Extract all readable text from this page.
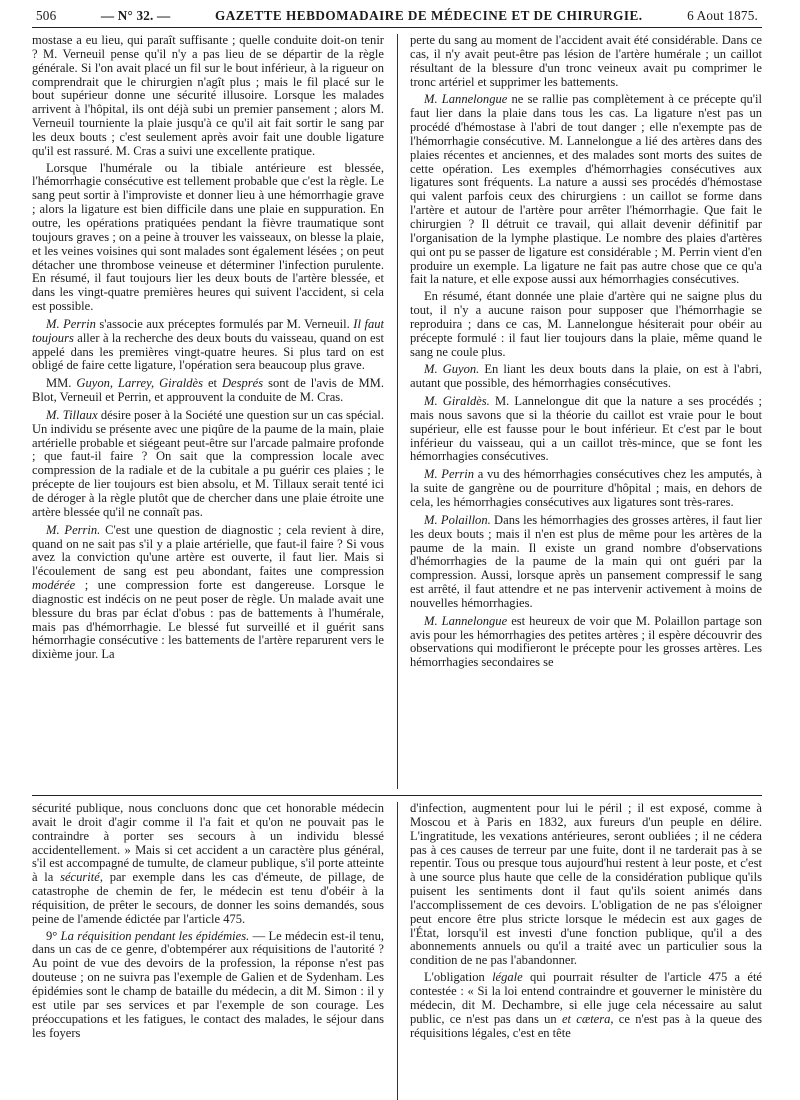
506	— N° 32. —	GAZETTE HEBDOMADAIRE DE MÉDECINE ET DE CHIRURGIE.	6 Aout 1875.

mostase a eu lieu, qui paraît suffisante ; quelle conduite doit-on tenir ? M. Verneuil pense qu'il n'y a pas lieu de se départir de la règle générale. Si l'on avait placé un fil sur le bout inférieur, à la rigueur on comprendrait que le chirurgien n'agît plus ; mais le fil placé sur le bout supérieur donne une sécurité illusoire. Lorsque les malades arrivent à l'hôpital, ils ont déjà subi un premier pansement ; alors M. Verneuil tourniente la plaie jusqu'à ce qu'il ait fait sortir le sang par les deux bouts ; c'est seulement après avoir fait une double ligature qu'il est rassuré. M. Cras a suivi une excellente pratique.

Lorsque l'humérale ou la tibiale antérieure est blessée, l'hémorrhagie consécutive est tellement probable que c'est la règle. Le sang peut sortir à l'improviste et donner lieu à une hémorrhagie grave ; alors la ligature est bien difficile dans une plaie en suppuration. En outre, les opérations pratiquées pendant la fièvre traumatique sont toujours graves ; on a peine à trouver les vaisseaux, on blesse la plaie, et les veines voisines qui sont malades sont également lésées ; on peut détacher une thrombose veineuse et déterminer l'infection purulente. En résumé, il faut toujours lier les deux bouts de l'artère blessée, et dans les vingt-quatre premières heures qui suivent l'accident, si cela est possible.

M. Perrin s'associe aux préceptes formulés par M. Verneuil. Il faut toujours aller à la recherche des deux bouts du vaisseau, quand on est appelé dans les premières vingt-quatre heures. Si plus tard on est obligé de faire cette ligature, l'opération sera beaucoup plus grave.

MM. Guyon, Larrey, Giraldès et Després sont de l'avis de MM. Blot, Verneuil et Perrin, et approuvent la conduite de M. Cras.

M. Tillaux désire poser à la Société une question sur un cas spécial. Un individu se présente avec une piqûre de la paume de la main, plaie artérielle probable et siégeant peut-être sur l'arcade palmaire profonde ; que faut-il faire ? On sait que la compression locale avec compression de la radiale et de la cubitale a pu guérir ces plaies ; le précepte de lier toujours est bien absolu, et M. Tillaux serait tenté ici de déroger à la règle plutôt que de chercher dans une plaie étroite une artère blessée qu'il ne connaît pas.

M. Perrin. C'est une question de diagnostic ; cela revient à dire, quand on ne sait pas s'il y a plaie artérielle, que faut-il faire ? Si vous avez la conviction qu'une artère est ouverte, il faut lier. Mais si l'écoulement de sang est peu abondant, faites une compression modérée ; une compression forte est dangereuse. Lorsque le diagnostic est indécis on ne peut poser de règle. Un malade avait une blessure du bras par éclat d'obus : pas de battements à l'humérale, mais pas d'hémorrhagie. Le blessé fut surveillé et il guérit sans hémorrhagie consécutive : les battements de l'artère reparurent vers le dixième jour. La

perte du sang au moment de l'accident avait été considérable. Dans ce cas, il n'y avait peut-être pas lésion de l'artère humérale ; un caillot résultant de la blessure d'un tronc veineux avait pu comprimer le tronc artériel et supprimer les battements.

M. Lannelongue ne se rallie pas complètement à ce précepte qu'il faut lier dans la plaie dans tous les cas. La ligature n'est pas un procédé d'hémostase à l'abri de tout danger ; elle n'exempte pas de l'hémorrhagie consécutive. M. Lannelongue a lié des artères dans des plaies récentes et anciennes, et des malades sont morts des suites de cette opération. Les exemples d'hémorrhagies consécutives aux ligatures sont fréquents. La nature a aussi ses procédés d'hémostase qui valent parfois ceux des chirurgiens : un caillot se forme dans l'artère et autour de l'artère pour arrêter l'hémorrhagie. Que fait le chirurgien ? Il détruit ce travail, qui allait devenir définitif par l'organisation de la lymphe plastique. Le nombre des plaies d'artères qui ont pu se passer de ligature est considérable ; M. Perrin vient d'en produire un exemple. La ligature ne fait pas autre chose que ce qu'a fait la nature, et elle expose aussi aux hémorrhagies consécutives.

En résumé, étant donnée une plaie d'artère qui ne saigne plus du tout, il n'y a aucune raison pour supposer que l'hémorrhagie se reproduira ; dans ce cas, M. Lannelongue hésiterait pour obéir au précepte formulé : il faut lier toujours dans la plaie, même quand le sang ne coule plus.

M. Guyon. En liant les deux bouts dans la plaie, on est à l'abri, autant que possible, des hémorrhagies consécutives.

M. Giraldès. M. Lannelongue dit que la nature a ses procédés ; mais nous savons que si la théorie du caillot est vraie pour le bout supérieur, elle est fausse pour le bout inférieur. Et c'est par le bout inférieur du vaisseau, qui a un caillot très-mince, que se font les hémorrhagies consécutives.

M. Perrin a vu des hémorrhagies consécutives chez les amputés, à la suite de gangrène ou de pourriture d'hôpital ; mais, en dehors de cela, les hémorrhagies consécutives aux ligatures sont très-rares.

M. Polaillon. Dans les hémorrhagies des grosses artères, il faut lier les deux bouts ; mais il n'en est plus de même pour les artères de la paume de la main. Il existe un grand nombre d'observations d'hémorrhagies de la paume de la main qui ont guéri par la compression. Aussi, lorsque après un pansement compressif le sang est arrêté, il faut attendre et ne pas intervenir activement à moins de nouvelles hémorrhagies.

M. Lannelongue est heureux de voir que M. Polaillon partage son avis pour les hémorrhagies des petites artères ; il espère découvrir des observations qui modifieront le précepte pour les grosses artères. Les hémorrhagies secondaires se

sécurité publique, nous concluons donc que cet honorable médecin avait le droit d'agir comme il l'a fait et qu'on ne pouvait pas le contraindre à porter ses secours à un individu blessé accidentellement. » Mais si cet accident a un caractère plus général, s'il est accompagné de tumulte, de clameur publique, s'il porte atteinte à la sécurité, par exemple dans les cas d'émeute, de pillage, de catastrophe de chemin de fer, le médecin est tenu d'obéir à la réquisition, de prêter le secours, de donner les soins demandés, sous peine de l'amende édictée par l'article 475.

9° La réquisition pendant les épidémies. — Le médecin est-il tenu, dans un cas de ce genre, d'obtempérer aux réquisitions de l'autorité ? Au point de vue des devoirs de la profession, la réponse n'est pas douteuse ; on ne suivra pas l'exemple de Galien et de Sydenham. Les épidémies sont le champ de bataille du médecin, a dit M. Simon : il y est utile par ses services et par l'exemple de son courage. Les préoccupations et les fatigues, le contact des malades, le séjour dans les foyers

d'infection, augmentent pour lui le péril ; il est exposé, comme à Moscou et à Paris en 1832, aux fureurs d'un peuple en délire. L'ingratitude, les vexations antérieures, seront oubliées ; il ne cédera pas à ces causes de terreur par une fuite, dont il ne tarderait pas à se repentir. Tous ou presque tous aujourd'hui restent à leur poste, et c'est à une source plus haute que celle de la considération publique qu'ils puisent les sentiments dont il faut qu'ils soient animés dans l'accomplissement de ces devoirs. L'obligation de ne pas s'éloigner peut encore être plus stricte lorsque le médecin est aux gages de l'État, lorsqu'il est investi d'une fonction publique, qu'il a des abonnements annuels ou qu'il a traité avec un particulier sous la condition de ne pas l'abandonner.

L'obligation légale qui pourrait résulter de l'article 475 a été contestée : « Si la loi entend contraindre et gouverner le ministère du médecin, dit M. Dechambre, si elle juge cela nécessaire au salut public, ce n'est pas dans un et cætera, ce n'est pas à la queue des réquisitions légales, c'est en tête
